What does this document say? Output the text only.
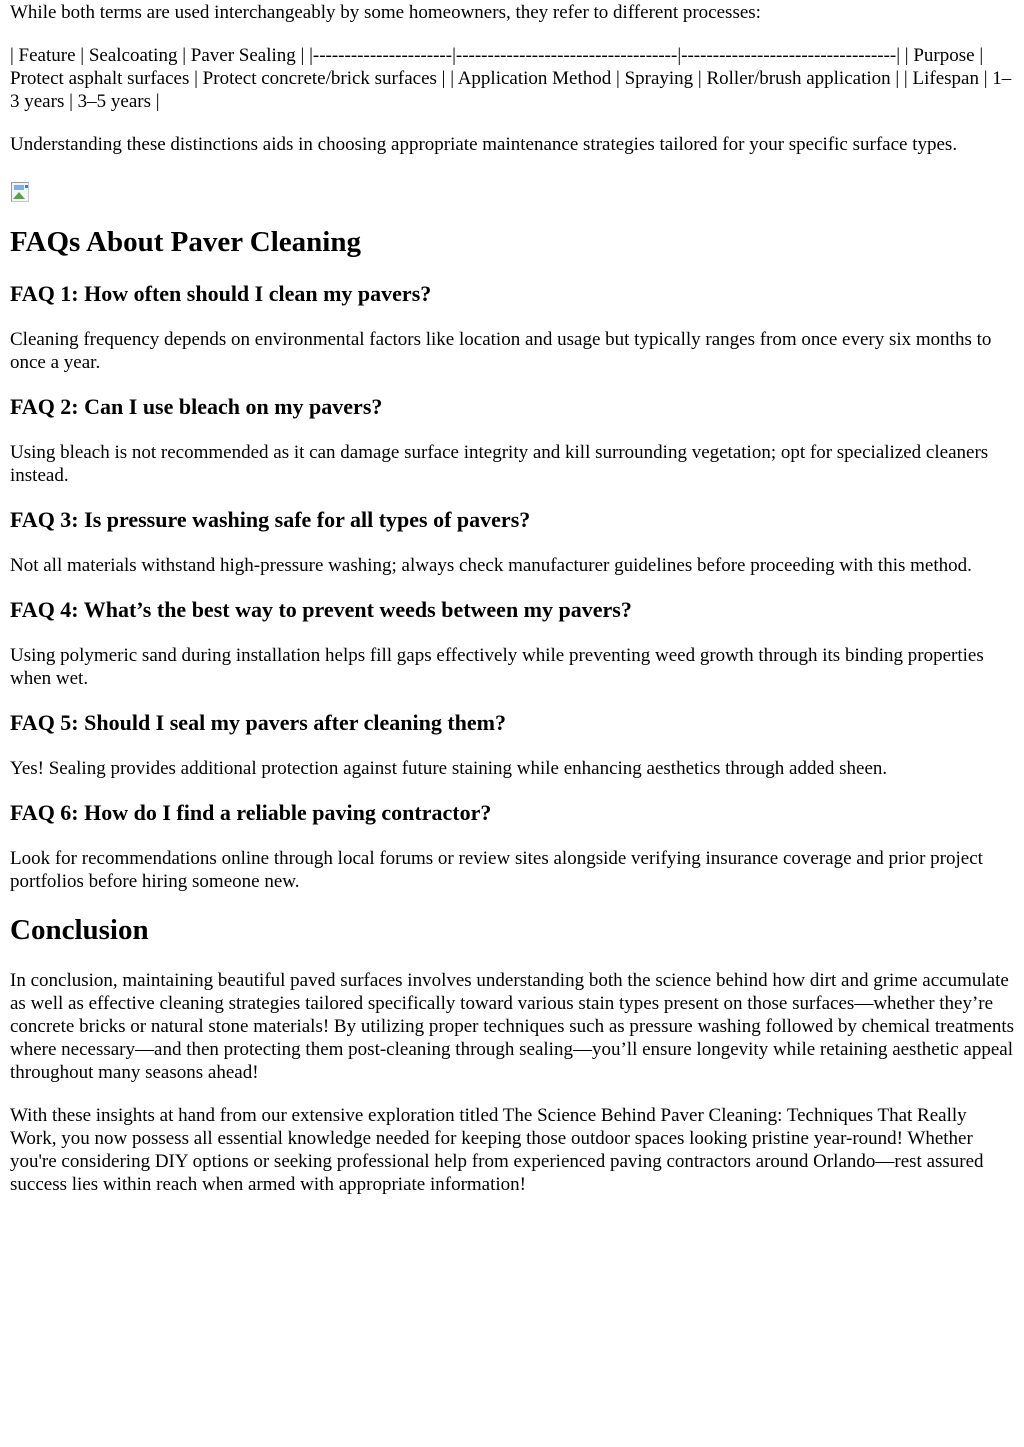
While both terms are used interchangeably by some homeowners, they refer to different processes:

| Feature | Sealcoating | Paver Sealing | |----------------------|-----------------------------------|----------------------------------| | Purpose | Protect asphalt surfaces | Protect concrete/brick surfaces | | Application Method | Spraying | Roller/brush application | | Lifespan | 1–3 years | 3–5 years |

Understanding these distinctions aids in choosing appropriate maintenance strategies tailored for your specific surface types.

FAQs About Paver Cleaning
FAQ 1: How often should I clean my pavers?

Cleaning frequency depends on environmental factors like location and usage but typically ranges from once every six months to once a year.

FAQ 2: Can I use bleach on my pavers?

Using bleach is not recommended as it can damage surface integrity and kill surrounding vegetation; opt for specialized cleaners instead.

FAQ 3: Is pressure washing safe for all types of pavers?

Not all materials withstand high-pressure washing; always check manufacturer guidelines before proceeding with this method.

FAQ 4: What’s the best way to prevent weeds between my pavers?

Using polymeric sand during installation helps fill gaps effectively while preventing weed growth through its binding properties when wet.

FAQ 5: Should I seal my pavers after cleaning them?

Yes! Sealing provides additional protection against future staining while enhancing aesthetics through added sheen.

FAQ 6: How do I find a reliable paving contractor?

Look for recommendations online through local forums or review sites alongside verifying insurance coverage and prior project portfolios before hiring someone new.

Conclusion

In conclusion, maintaining beautiful paved surfaces involves understanding both the science behind how dirt and grime accumulate as well as effective cleaning strategies tailored specifically toward various stain types present on those surfaces—whether they’re concrete bricks or natural stone materials! By utilizing proper techniques such as pressure washing followed by chemical treatments where necessary—and then protecting them post-cleaning through sealing—you’ll ensure longevity while retaining aesthetic appeal throughout many seasons ahead!

With these insights at hand from our extensive exploration titled The Science Behind Paver Cleaning: Techniques That Really Work, you now possess all essential knowledge needed for keeping those outdoor spaces looking pristine year-round! Whether you're considering DIY options or seeking professional help from experienced paving contractors around Orlando—rest assured success lies within reach when armed with appropriate information!
